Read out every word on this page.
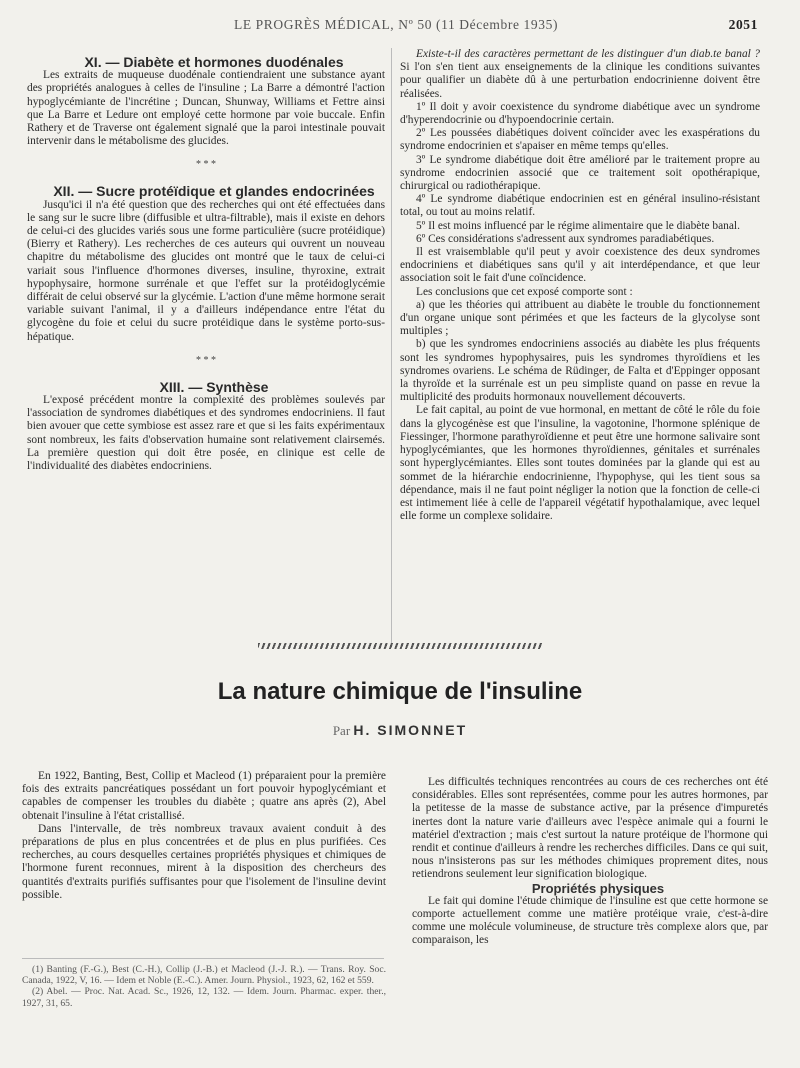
LE PROGRÈS MÉDICAL, Nº 50 (11 Décembre 1935)	2051

XI. — Diabète et hormones duodénales

Les extraits de muqueuse duodénale contiendraient une substance ayant des propriétés analogues à celles de l'insuline ; La Barre a démontré l'action hypoglycémiante de l'incrétine ; Duncan, Shunway, Williams et Fettre ainsi que La Barre et Ledure ont employé cette hormone par voie buccale. Enfin Rathery et de Traverse ont également signalé que la paroi intestinale pouvait intervenir dans le métabolisme des glucides.

* * *

XII. — Sucre protéïdique et glandes endocrinées

Jusqu'ici il n'a été question que des recherches qui ont été effectuées dans le sang sur le sucre libre (diffusible et ultra-filtrable), mais il existe en dehors de celui-ci des glucides variés sous une forme particulière (sucre protéidique) (Bierry et Rathery). Les recherches de ces auteurs qui ouvrent un nouveau chapitre du métabolisme des glucides ont montré que le taux de celui-ci variait sous l'influence d'hormones diverses, insuline, thyroxine, extrait hypophysaire, hormone surrénale et que l'effet sur la protéidoglycémie différait de celui observé sur la glycémie. L'action d'une même hormone serait variable suivant l'animal, il y a d'ailleurs indépendance entre l'état du glycogène du foie et celui du sucre protéidique dans le système porto-sus-hépatique.

* * *

XIII. — Synthèse

L'exposé précédent montre la complexité des problèmes soulevés par l'association de syndromes diabétiques et des syndromes endocriniens. Il faut bien avouer que cette symbiose est assez rare et que si les faits expérimentaux sont nombreux, les faits d'observation humaine sont relativement clairsemés. La première question qui doit être posée, en clinique est celle de l'individualité des diabètes endocriniens.

Existe-t-il des caractères permettant de les distinguer d'un diab.te banal ? Si l'on s'en tient aux enseignements de la clinique les conditions suivantes pour qualifier un diabète dû à une perturbation endocrinienne doivent être réalisées.

1º Il doit y avoir coexistence du syndrome diabétique avec un syndrome d'hyperendocrinie ou d'hypoendocrinie certain.

2º Les poussées diabétiques doivent coïncider avec les exaspérations du syndrome endocrinien et s'apaiser en même temps qu'elles.

3º Le syndrome diabétique doit être amélioré par le traitement propre au syndrome endocrinien associé que ce traitement soit opothérapique, chirurgical ou radiothérapique.

4º Le syndrome diabétique endocrinien est en général insulino-résistant total, ou tout au moins relatif.

5º Il est moins influencé par le régime alimentaire que le diabète banal.

6º Ces considérations s'adressent aux syndromes paradiabétiques.

Il est vraisemblable qu'il peut y avoir coexistence des deux syndromes endocriniens et diabétiques sans qu'il y ait interdépendance, et que leur association soit le fait d'une coïncidence.

Les conclusions que cet exposé comporte sont :

a) que les théories qui attribuent au diabète le trouble du fonctionnement d'un organe unique sont périmées et que les facteurs de la glycolyse sont multiples ;

b) que les syndromes endocriniens associés au diabète les plus fréquents sont les syndromes hypophysaires, puis les syndromes thyroïdiens et les syndromes ovariens. Le schéma de Rüdinger, de Falta et d'Eppinger opposant la thyroïde et la surrénale est un peu simpliste quand on passe en revue la multiplicité des produits hormonaux nouvellement découverts.

Le fait capital, au point de vue hormonal, en mettant de côté le rôle du foie dans la glycogénèse est que l'insuline, la vagotonine, l'hormone splénique de Fiessinger, l'hormone parathyroïdienne et peut être une hormone salivaire sont hypoglycémiantes, que les hormones thyroïdiennes, génitales et surrénales sont hyperglycémiantes. Elles sont toutes dominées par la glande qui est au sommet de la hiérarchie endocrinienne, l'hypophyse, qui les tient sous sa dépendance, mais il ne faut point négliger la notion que la fonction de celle-ci est intimement liée à celle de l'appareil végétatif hypothalamique, avec lequel elle forme un complexe solidaire.

La nature chimique de l'insuline
Par H. SIMONNET

En 1922, Banting, Best, Collip et Macleod (1) préparaient pour la première fois des extraits pancréatiques possédant un fort pouvoir hypoglycémiant et capables de compenser les troubles du diabète ; quatre ans après (2), Abel obtenait l'insuline à l'état cristallisé.

Dans l'intervalle, de très nombreux travaux avaient conduit à des préparations de plus en plus concentrées et de plus en plus purifiées. Ces recherches, au cours desquelles certaines propriétés physiques et chimiques de l'hormone furent reconnues, mirent à la disposition des chercheurs des quantités d'extraits purifiés suffisantes pour que l'isolement de l'insuline devint possible.

(1) Banting (F.-G.), Best (C.-H.), Collip (J.-B.) et Macleod (J.-J. R.). — Trans. Roy. Soc. Canada, 1922, V, 16. — Idem et Noble (E.-C.). Amer. Journ. Physiol., 1923, 62, 162 et 559.

(2) Abel. — Proc. Nat. Acad. Sc., 1926, 12, 132. — Idem. Journ. Pharmac. exper. ther., 1927, 31, 65.

Les difficultés techniques rencontrées au cours de ces recherches ont été considérables. Elles sont représentées, comme pour les autres hormones, par la petitesse de la masse de substance active, par la présence d'impuretés inertes dont la nature varie d'ailleurs avec l'espèce animale qui a fourni le matériel d'extraction ; mais c'est surtout la nature protéique de l'hormone qui rendit et continue d'ailleurs à rendre les recherches difficiles. Dans ce qui suit, nous n'insisterons pas sur les méthodes chimiques proprement dites, nous retiendrons seulement leur signification biologique.

Propriétés physiques

Le fait qui domine l'étude chimique de l'insuline est que cette hormone se comporte actuellement comme une matière protéique vraie, c'est-à-dire comme une molécule volumineuse, de structure très complexe alors que, par comparaison, les
